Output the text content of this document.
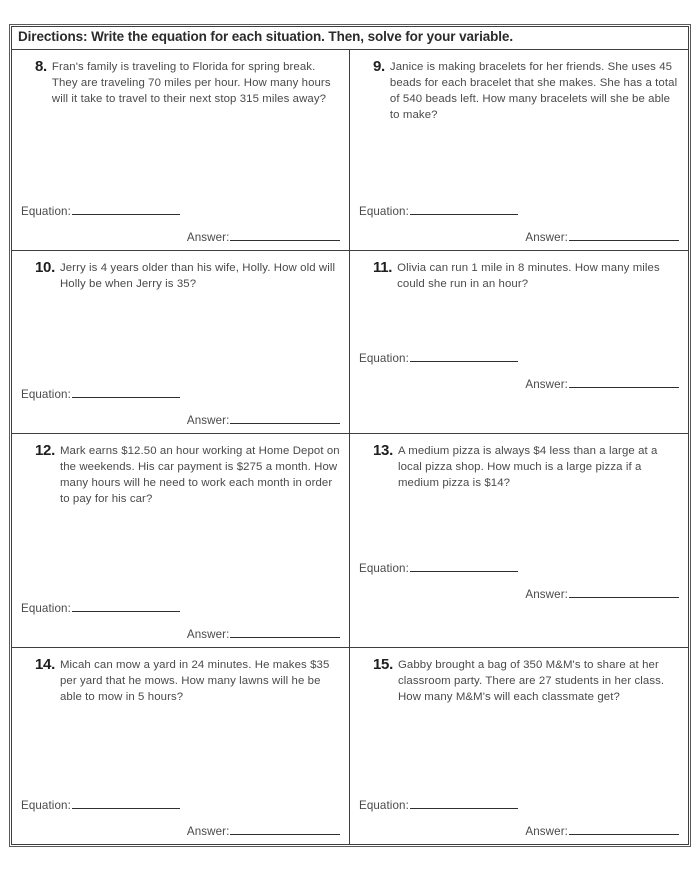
Directions: Write the equation for each situation. Then, solve for your variable.
8. Fran's family is traveling to Florida for spring break. They are traveling 70 miles per hour. How many hours will it take to travel to their next stop 315 miles away?
Equation:
Answer:
9. Janice is making bracelets for her friends. She uses 45 beads for each bracelet that she makes. She has a total of 540 beads left. How many bracelets will she be able to make?
Equation:
Answer:
10. Jerry is 4 years older than his wife, Holly. How old will Holly be when Jerry is 35?
Equation:
Answer:
11. Olivia can run 1 mile in 8 minutes. How many miles could she run in an hour?
Equation:
Answer:
12. Mark earns $12.50 an hour working at Home Depot on the weekends. His car payment is $275 a month. How many hours will he need to work each month in order to pay for his car?
Equation:
Answer:
13. A medium pizza is always $4 less than a large at a local pizza shop. How much is a large pizza if a medium pizza is $14?
Equation:
Answer:
14. Micah can mow a yard in 24 minutes. He makes $35 per yard that he mows. How many lawns will he be able to mow in 5 hours?
Equation:
Answer:
15. Gabby brought a bag of 350 M&M's to share at her classroom party. There are 27 students in her class. How many M&M's will each classmate get?
Equation:
Answer:
